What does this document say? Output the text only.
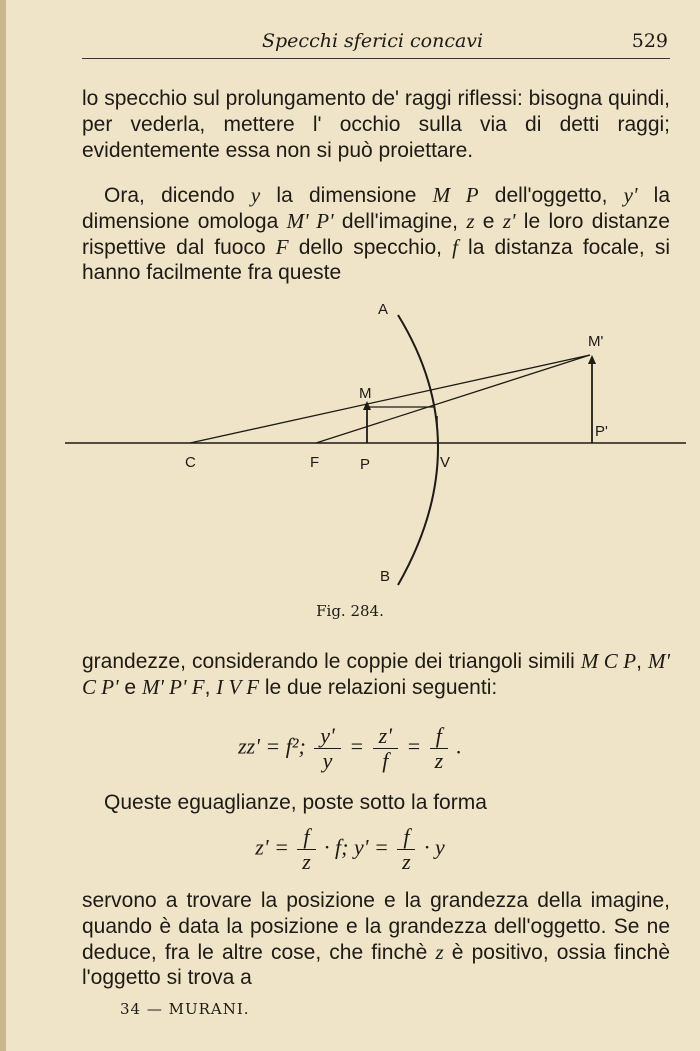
Specchi sferici concavi	529

lo specchio sul prolungamento de' raggi riflessi: bisogna quindi, per vederla, mettere l' occhio sulla via di detti raggi; evidentemente essa non si può proiettare.

Ora, dicendo y la dimensione M P dell'oggetto, y' la dimensione omologa M' P' dell'imagine, z e z' le loro distanze rispettive dal fuoco F dello specchio, f la distanza focale, si hanno facilmente fra queste

A
M'
M
I
P'
C	F	P	V
B
Fig. 284.

grandezze, considerando le coppie dei triangoli simili M C P, M' C P' e M' P' F, I V F le due relazioni seguenti:

zz' = f²; $\frac{y'}{y} = \frac{z'}{f} = \frac{f}{z}$ .

Queste eguaglianze, poste sotto la forma

$z' = \frac{f}{z} \cdot f$; $y' = \frac{f}{z} \cdot y$

servono a trovare la posizione e la grandezza della imagine, quando è data la posizione e la grandezza dell'oggetto. Se ne deduce, fra le altre cose, che finchè z è positivo, ossia finchè l'oggetto si trova a

34 — MURANI.
